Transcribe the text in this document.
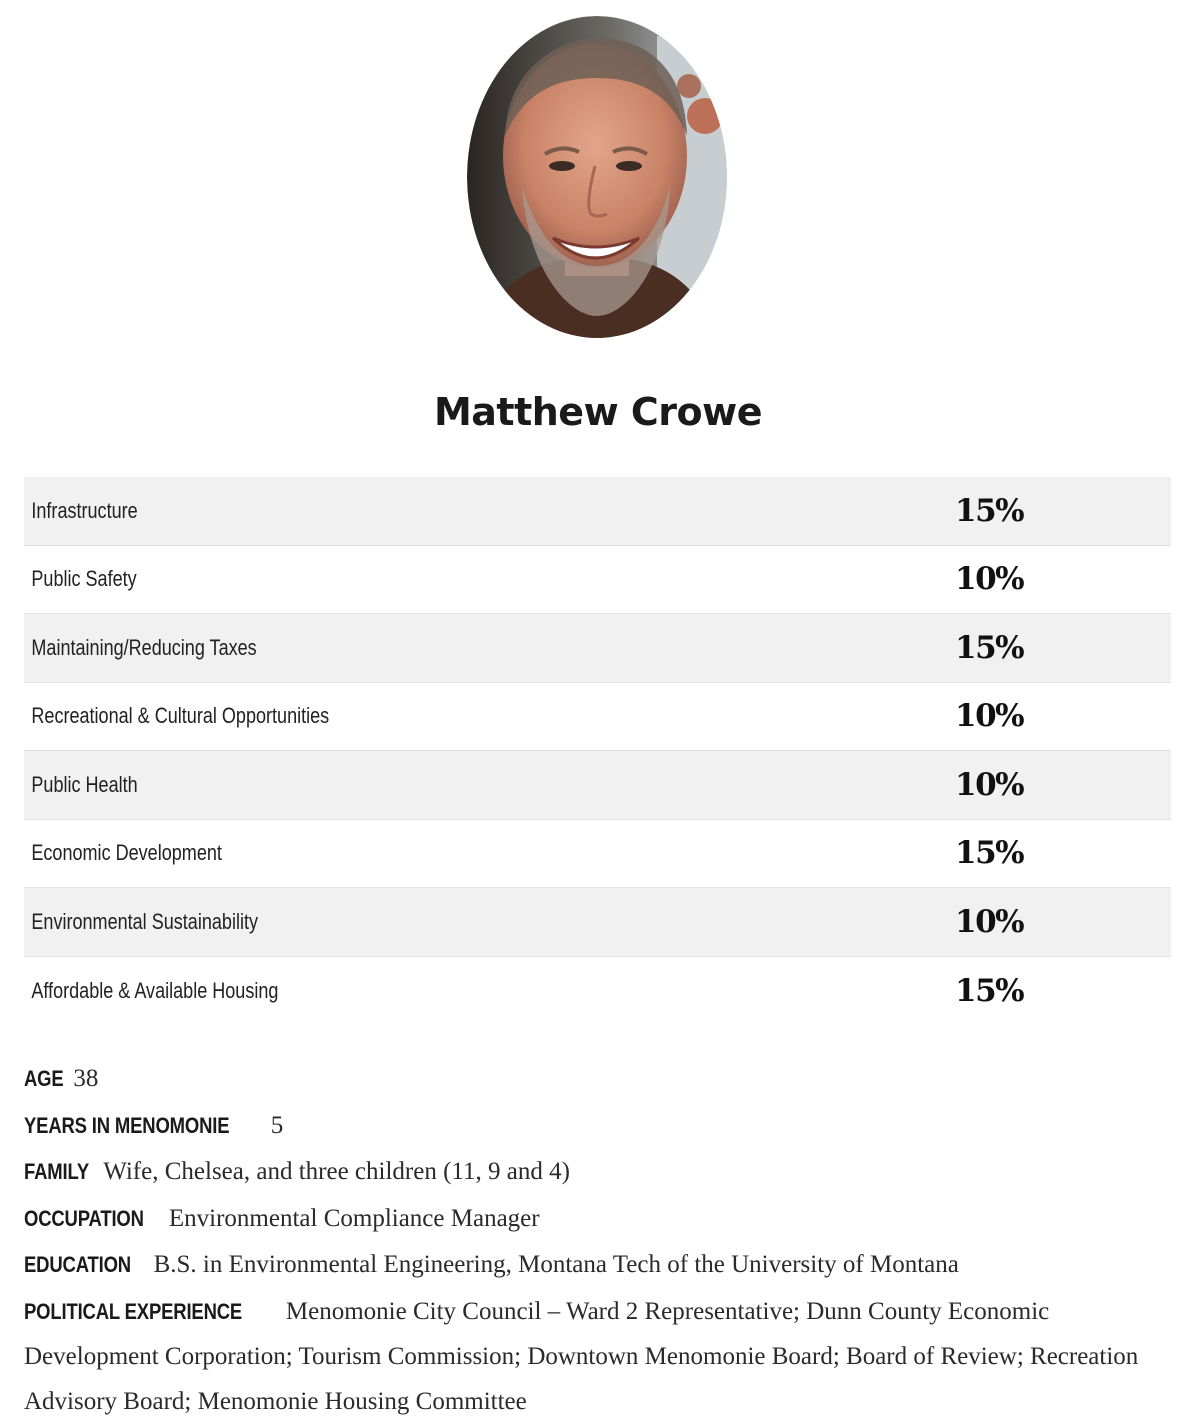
Matthew Crowe
Infrastructure	15%
Public Safety	10%
Maintaining/Reducing Taxes	15%
Recreational & Cultural Opportunities	10%
Public Health	10%
Economic Development	15%
Environmental Sustainability	10%
Affordable & Available Housing	15%
AGE 38
YEARS IN MENOMONIE 5
FAMILY Wife, Chelsea, and three children (11, 9 and 4)
OCCUPATION Environmental Compliance Manager
EDUCATION B.S. in Environmental Engineering, Montana Tech of the University of Montana
POLITICAL EXPERIENCE Menomonie City Council – Ward 2 Representative; Dunn County Economic Development Corporation; Tourism Commission; Downtown Menomonie Board; Board of Review; Recreation Advisory Board; Menomonie Housing Committee
